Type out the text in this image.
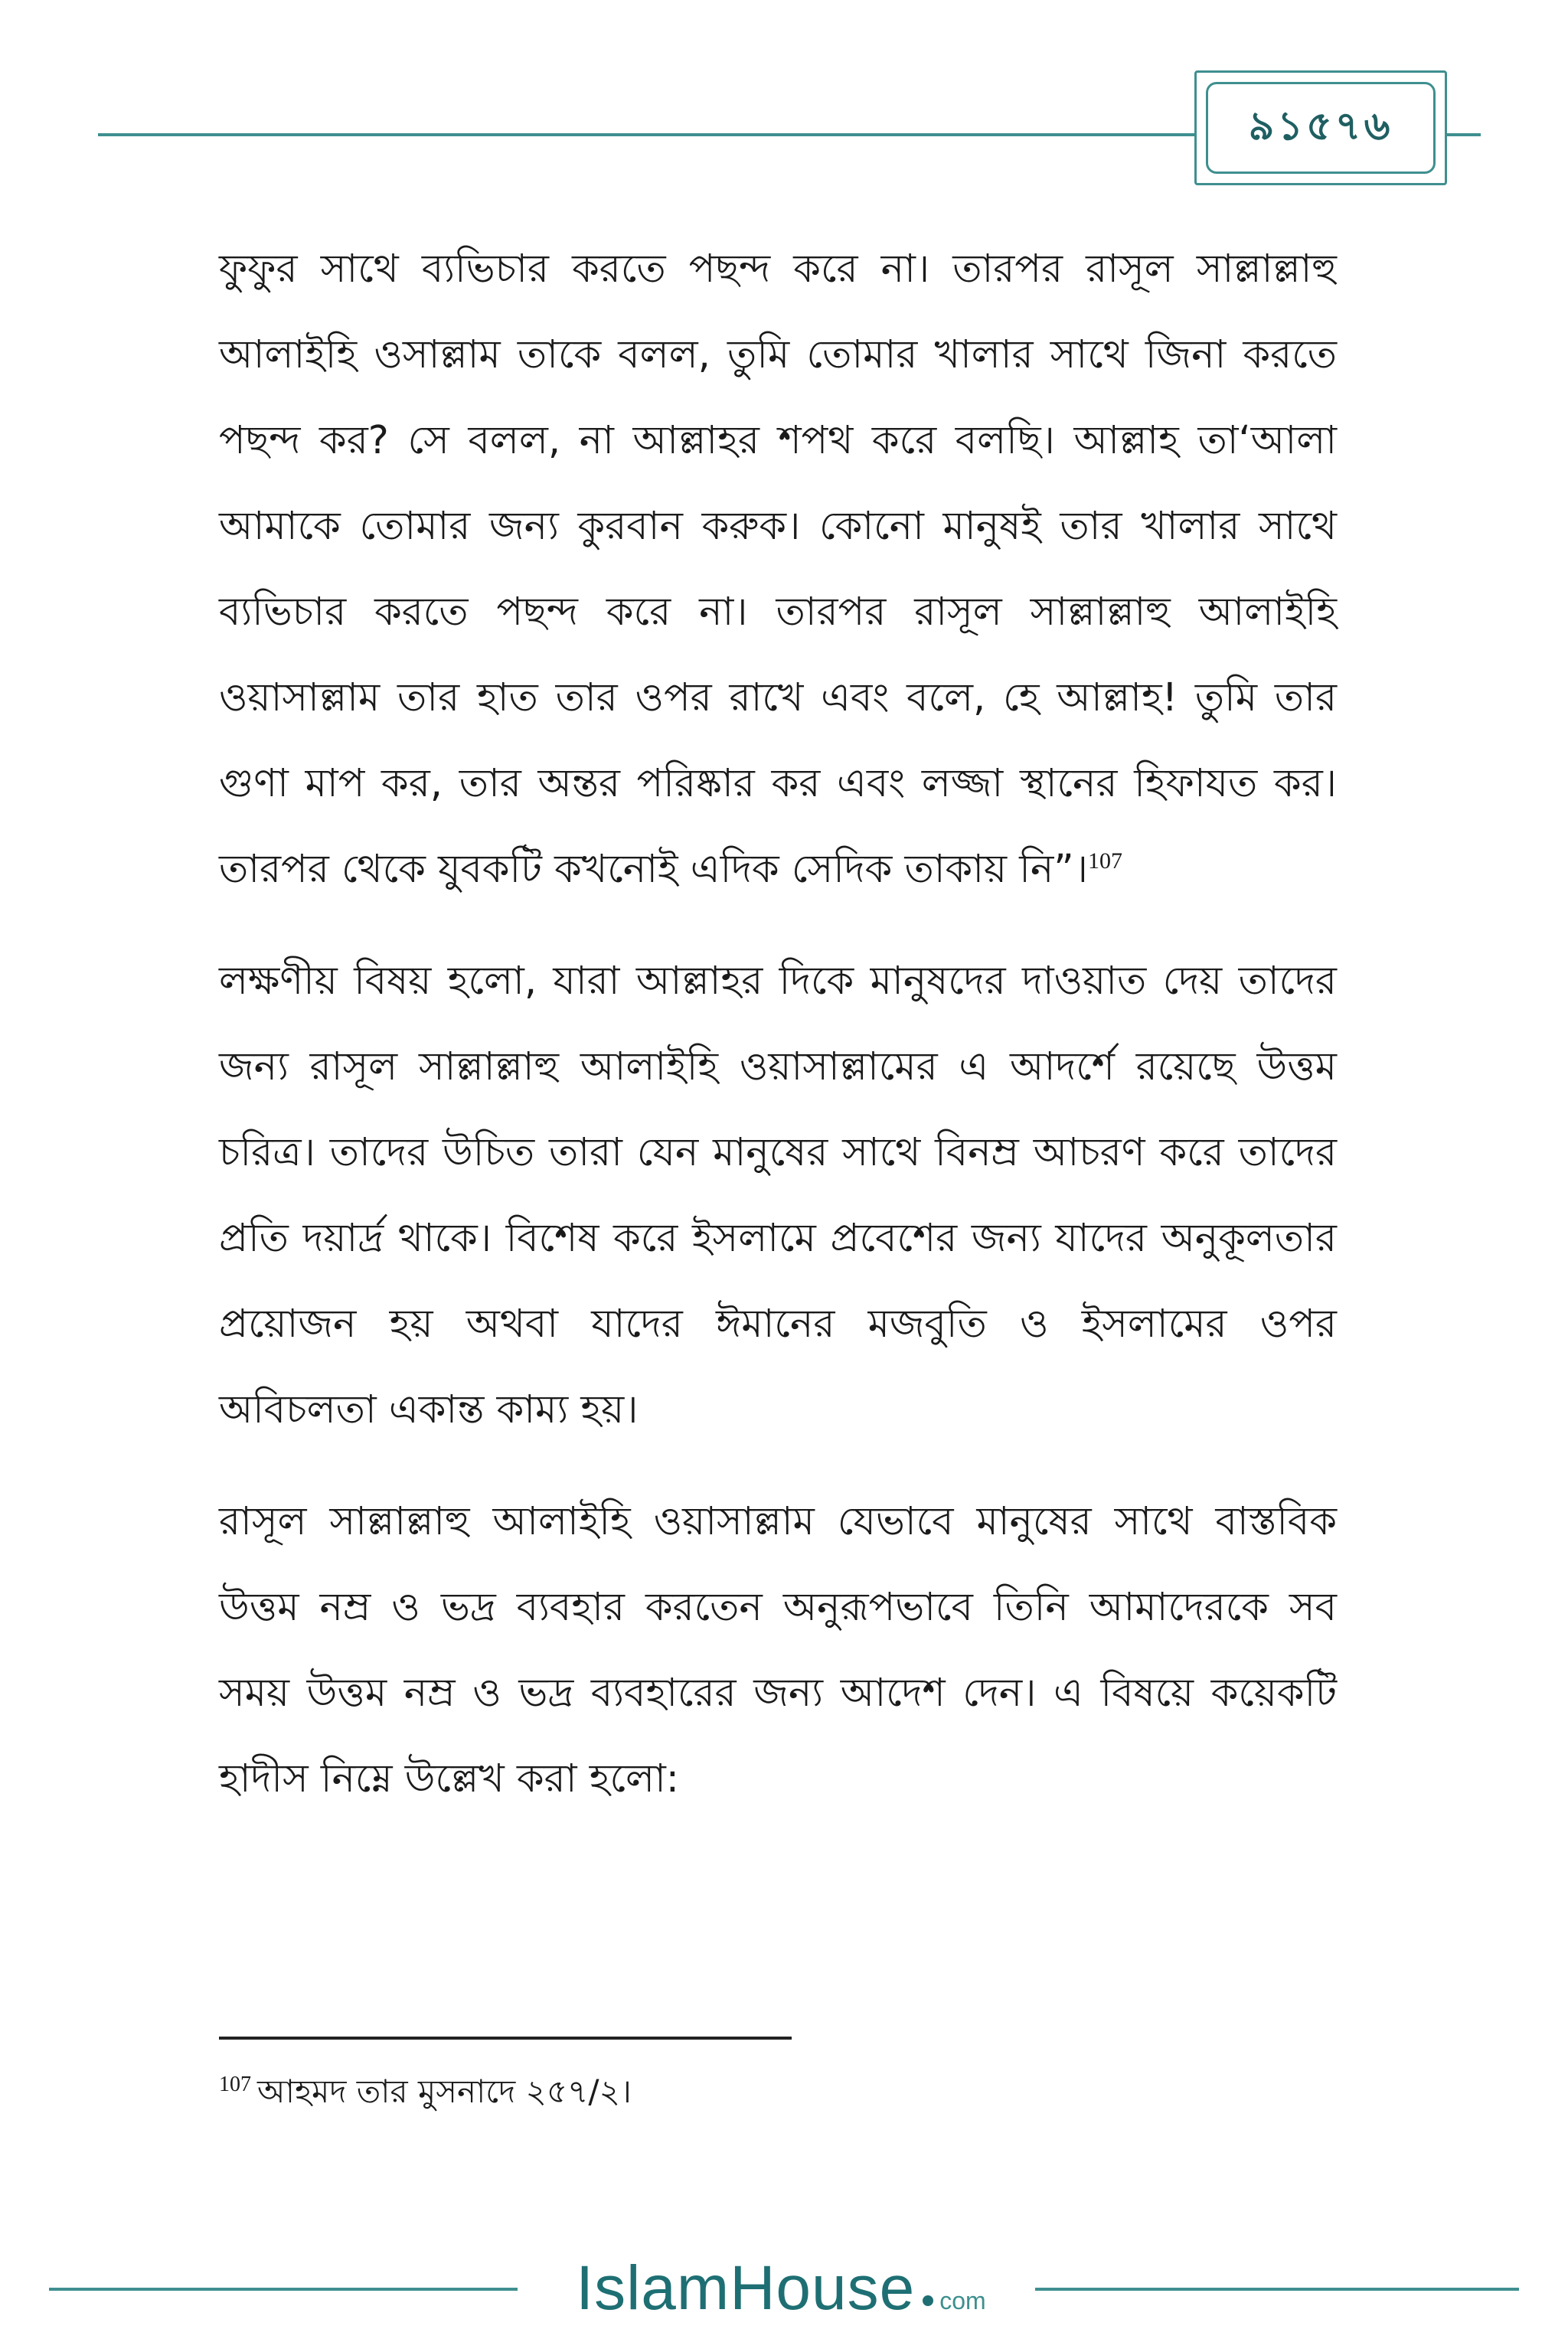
৯১৫৭৬

ফুফুর সাথে ব্যভিচার করতে পছন্দ করে না। তারপর রাসূল সাল্লাল্লাহু আলাইহি ওসাল্লাম তাকে বলল, তুমি তোমার খালার সাথে জিনা করতে পছন্দ কর? সে বলল, না আল্লাহর শপথ করে বলছি। আল্লাহ তা‘আলা আমাকে তোমার জন্য কুরবান করুক। কোনো মানুষই তার খালার সাথে ব্যভিচার করতে পছন্দ করে না। তারপর রাসূল সাল্লাল্লাহু আলাইহি ওয়াসাল্লাম তার হাত তার ওপর রাখে এবং বলে, হে আল্লাহ! তুমি তার গুণা মাপ কর, তার অন্তর পরিষ্কার কর এবং লজ্জা স্থানের হিফাযত কর। তারপর থেকে যুবকটি কখনোই এদিক সেদিক তাকায় নি”।$^{107}$

লক্ষণীয় বিষয় হলো, যারা আল্লাহর দিকে মানুষদের দাওয়াত দেয় তাদের জন্য রাসূল সাল্লাল্লাহু আলাইহি ওয়াসাল্লামের এ আদর্শে রয়েছে উত্তম চরিত্র। তাদের উচিত তারা যেন মানুষের সাথে বিনম্র আচরণ করে তাদের প্রতি দয়ার্দ্র থাকে। বিশেষ করে ইসলামে প্রবেশের জন্য যাদের অনুকূলতার প্রয়োজন হয় অথবা যাদের ঈমানের মজবুতি ও ইসলামের ওপর অবিচলতা একান্ত কাম্য হয়।

রাসূল সাল্লাল্লাহু আলাইহি ওয়াসাল্লাম যেভাবে মানুষের সাথে বাস্তবিক উত্তম নম্র ও ভদ্র ব্যবহার করতেন অনুরূপভাবে তিনি আমাদেরকে সব সময় উত্তম নম্র ও ভদ্র ব্যবহারের জন্য আদেশ দেন। এ বিষয়ে কয়েকটি হাদীস নিম্নে উল্লেখ করা হলো:

$^{107}$ আহমদ তার মুসনাদে ২৫৭/২।
IslamHouse com
